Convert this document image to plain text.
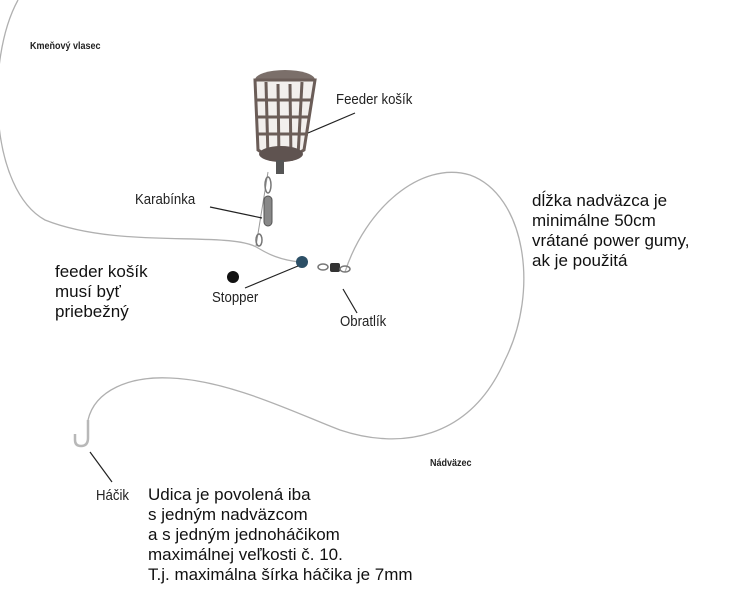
Kmeňový vlasec
Feeder košík
Karabínka
Stopper
Obratlík
Nádväzec
Háčik
feeder košík
musí byť
priebežný
dĺžka nadväzca je
minimálne 50cm
vrátané power gumy,
ak je použitá
Udica je povolená iba
s jedným nadväzcom
a s jedným jednoháčikom
maximálnej veľkosti č. 10.
T.j. maximálna šírka háčika je 7mm
